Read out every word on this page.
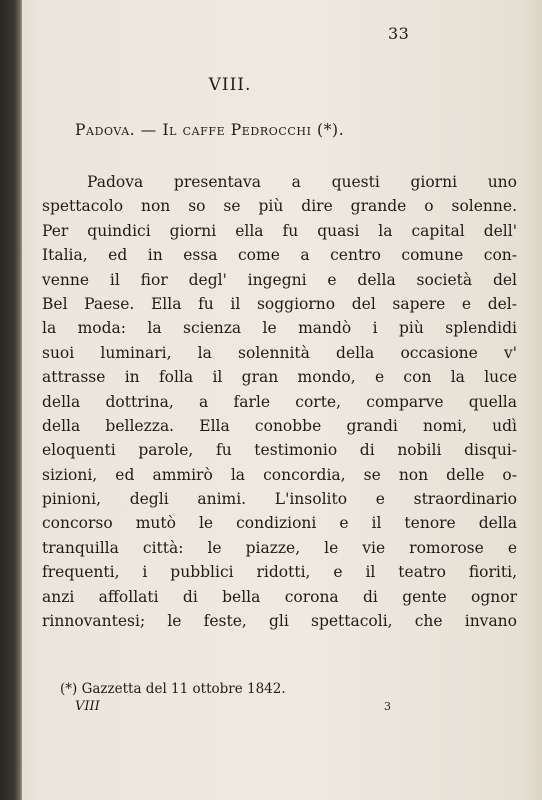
33
VIII.
Padova. — Il caffe Pedrocchi (*).
Padova presentava a questi giorni uno
spettacolo non so se più dire grande o solenne.
Per quindici giorni ella fu quasi la capital dell'
Italia, ed in essa come a centro comune con-
venne il fior degl' ingegni e della società del
Bel Paese. Ella fu il soggiorno del sapere e del-
la moda: la scienza le mandò i più splendidi
suoi luminari, la solennità della occasione v'
attrasse in folla il gran mondo, e con la luce
della dottrina, a farle corte, comparve quella
della bellezza. Ella conobbe grandi nomi, udì
eloquenti parole, fu testimonio di nobili disqui-
sizioni, ed ammirò la concordia, se non delle o-
pinioni, degli animi. L'insolito e straordinario
concorso mutò le condizioni e il tenore della
tranquilla città: le piazze, le vie romorose e
frequenti, i pubblici ridotti, e il teatro fioriti,
anzi affollati di bella corona di gente ognor
rinnovantesi; le feste, gli spettacoli, che invano
(*) Gazzetta del 11 ottobre 1842.
VIII	3
